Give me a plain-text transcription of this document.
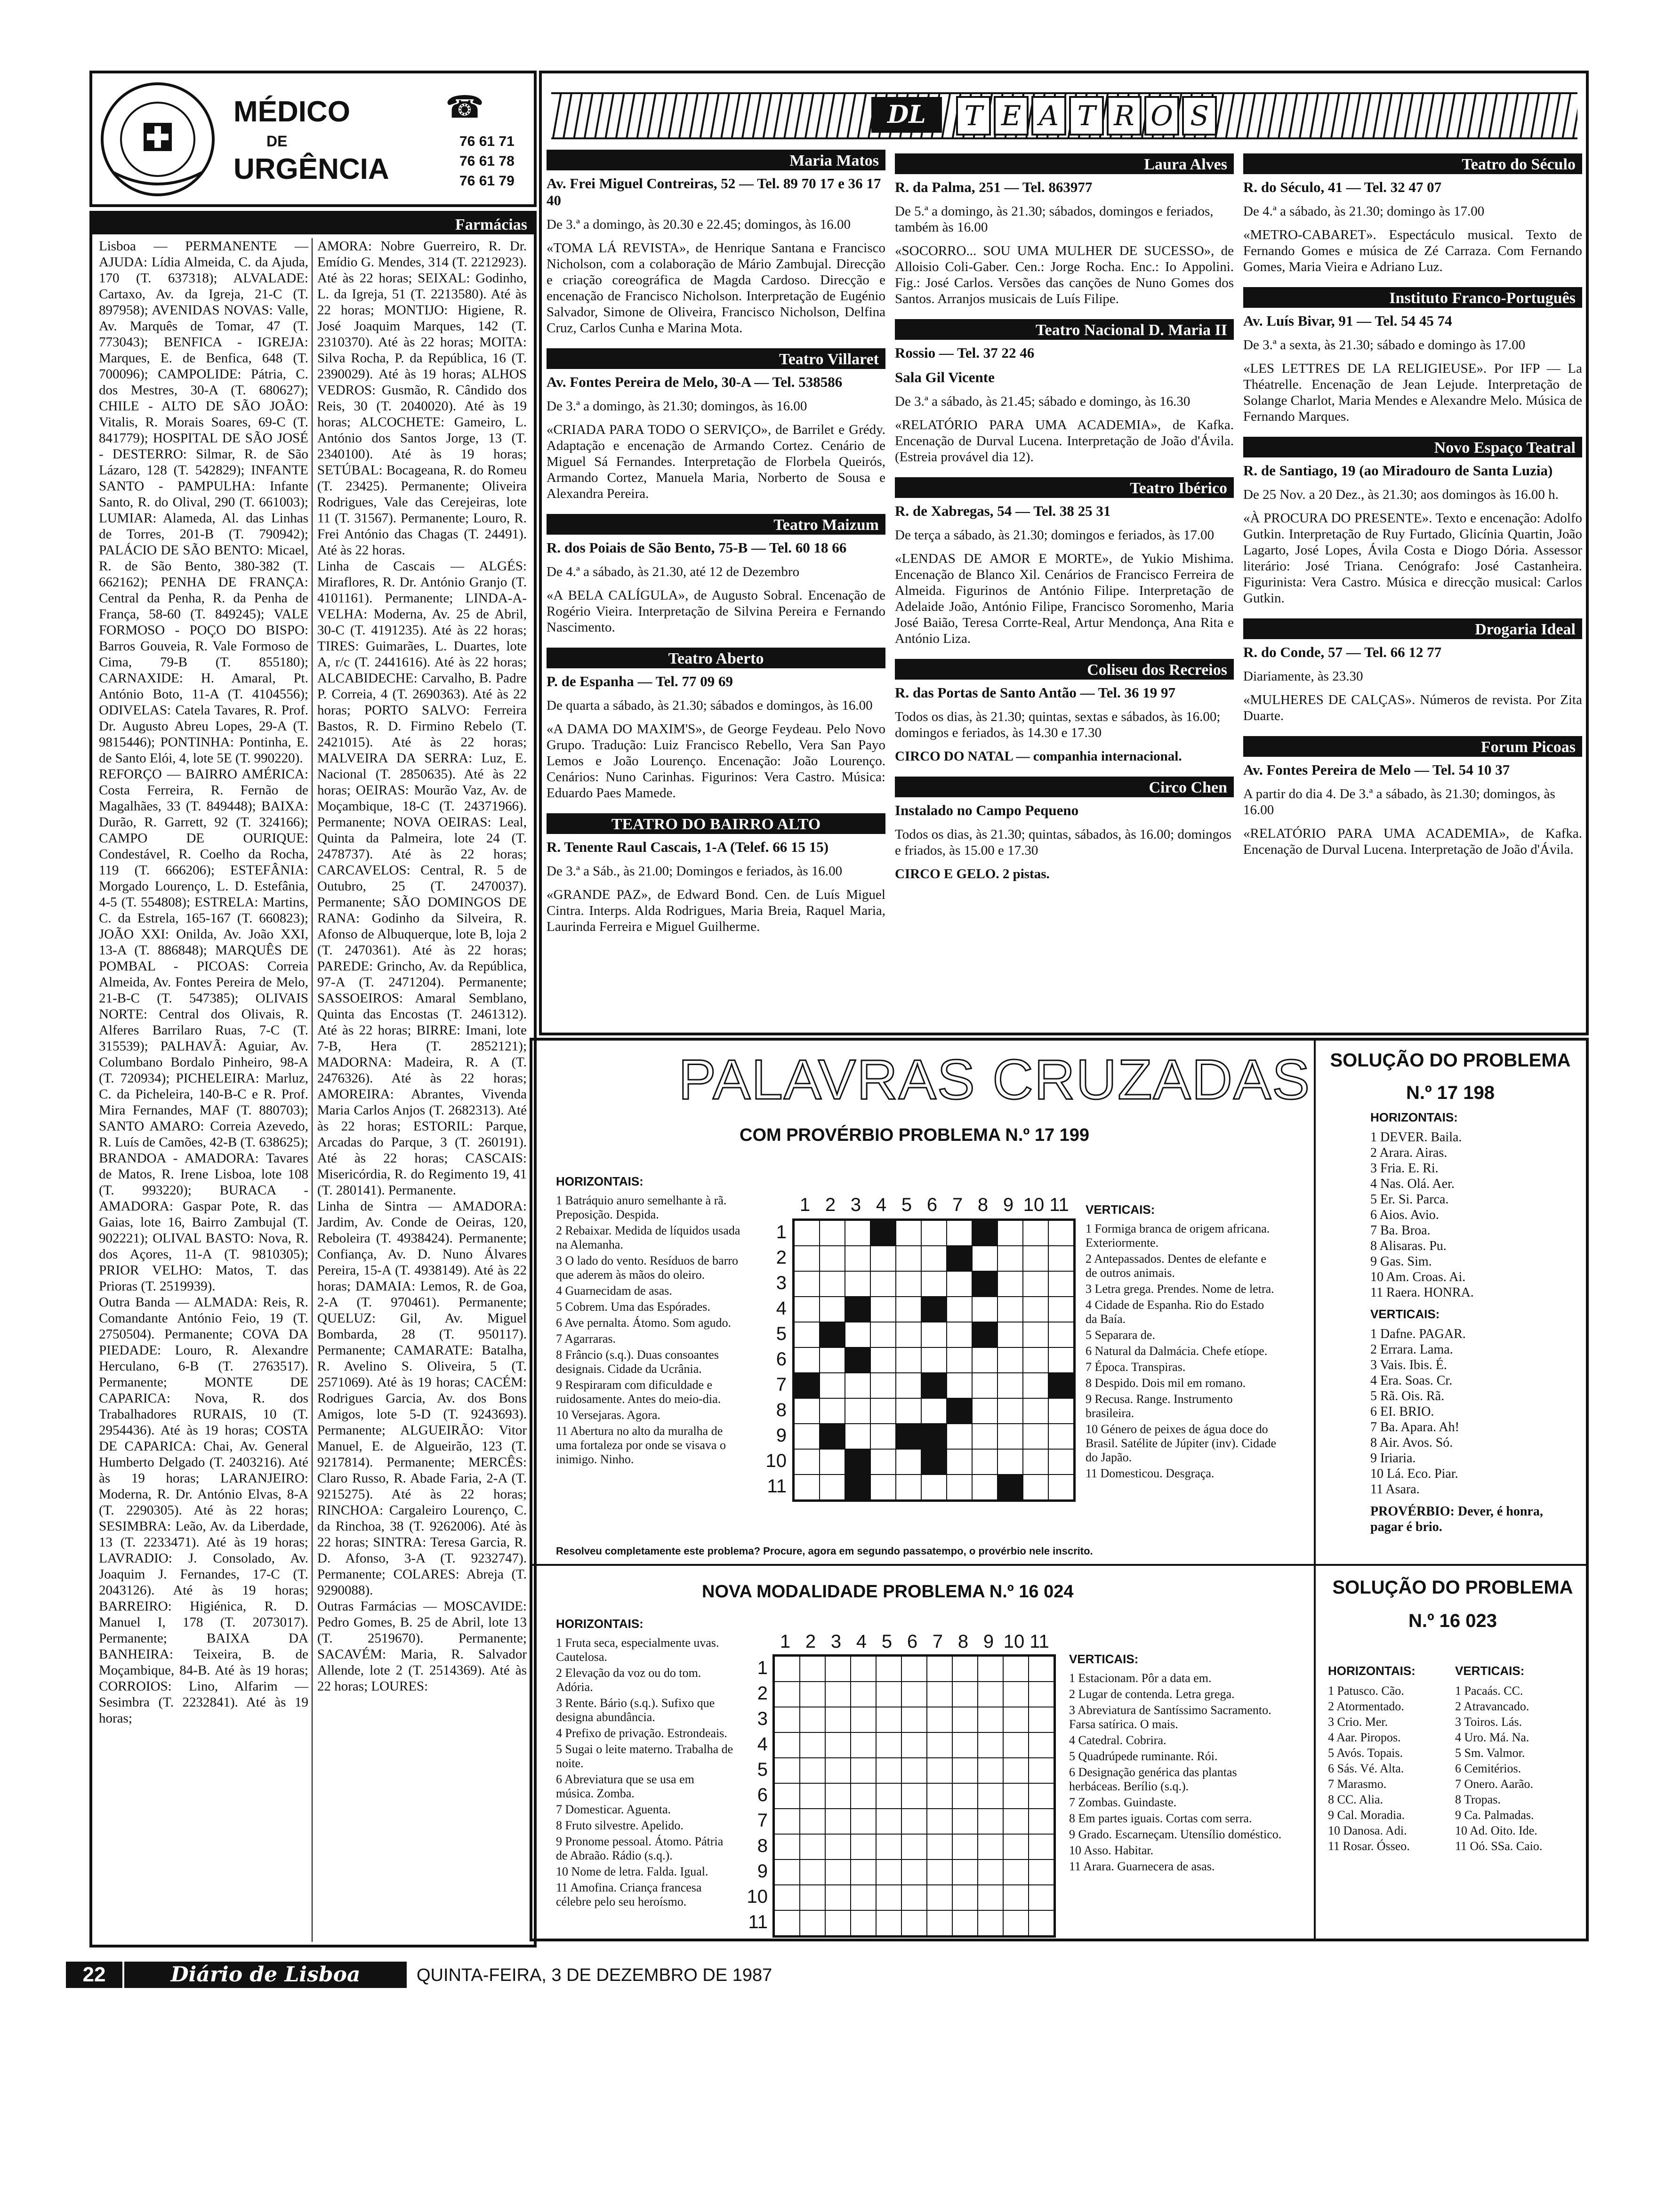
MÉDICO
DE
URGÊNCIA
☎
76 61 71
76 61 78
76 61 79
Farmácias

Lisboa — PERMANENTE — AJUDA: Lídia Almeida, C. da Ajuda, 170 (T. 637318); ALVALADE: Cartaxo, Av. da Igreja, 21-C (T. 897958); AVENIDAS NOVAS: Valle, Av. Marquês de Tomar, 47 (T. 773043); BENFICA - IGREJA: Marques, E. de Benfica, 648 (T. 700096); CAMPOLIDE: Pátria, C. dos Mestres, 30-A (T. 680627); CHILE - ALTO DE SÃO JOÃO: Vitalis, R. Morais Soares, 69-C (T. 841779); HOSPITAL DE SÃO JOSÉ - DESTERRO: Silmar, R. de São Lázaro, 128 (T. 542829); INFANTE SANTO - PAMPULHA: Infante Santo, R. do Olival, 290 (T. 661003); LUMIAR: Alameda, Al. das Linhas de Torres, 201-B (T. 790942); PALÁCIO DE SÃO BENTO: Micael, R. de São Bento, 380-382 (T. 662162); PENHA DE FRANÇA: Central da Penha, R. da Penha de França, 58-60 (T. 849245); VALE FORMOSO - POÇO DO BISPO: Barros Gouveia, R. Vale Formoso de Cima, 79-B (T. 855180); CARNAXIDE: H. Amaral, Pt. António Boto, 11-A (T. 4104556); ODIVELAS: Catela Tavares, R. Prof. Dr. Augusto Abreu Lopes, 29-A (T. 9815446); PONTINHA: Pontinha, E. de Santo Elói, 4, lote 5E (T. 990220).

REFORÇO — BAIRRO AMÉRICA: Costa Ferreira, R. Fernão de Magalhães, 33 (T. 849448); BAIXA: Durão, R. Garrett, 92 (T. 324166); CAMPO DE OURIQUE: Condestável, R. Coelho da Rocha, 119 (T. 666206); ESTEFÂNIA: Morgado Lourenço, L. D. Estefânia, 4-5 (T. 554808); ESTRELA: Martins, C. da Estrela, 165-167 (T. 660823); JOÃO XXI: Onilda, Av. João XXI, 13-A (T. 886848); MARQUÊS DE POMBAL - PICOAS: Correia Almeida, Av. Fontes Pereira de Melo, 21-B-C (T. 547385); OLIVAIS NORTE: Central dos Olivais, R. Alferes Barrilaro Ruas, 7-C (T. 315539); PALHAVÃ: Aguiar, Av. Columbano Bordalo Pinheiro, 98-A (T. 720934); PICHELEIRA: Marluz, C. da Picheleira, 140-B-C e R. Prof. Mira Fernandes, MAF (T. 880703); SANTO AMARO: Correia Azevedo, R. Luís de Camões, 42-B (T. 638625); BRANDOA - AMADORA: Tavares de Matos, R. Irene Lisboa, lote 108 (T. 993220); BURACA - AMADORA: Gaspar Pote, R. das Gaias, lote 16, Bairro Zambujal (T. 902221); OLIVAL BASTO: Nova, R. dos Açores, 11-A (T. 9810305); PRIOR VELHO: Matos, T. das Prioras (T. 2519939).

Outra Banda — ALMADA: Reis, R. Comandante António Feio, 19 (T. 2750504). Permanente; COVA DA PIEDADE: Louro, R. Alexandre Herculano, 6-B (T. 2763517). Permanente; MONTE DE CAPARICA: Nova, R. dos Trabalhadores RURAIS, 10 (T. 2954436). Até às 19 horas; COSTA DE CAPARICA: Chai, Av. General Humberto Delgado (T. 2403216). Até às 19 horas; LARANJEIRO: Moderna, R. Dr. António Elvas, 8-A (T. 2290305). Até às 22 horas; SESIMBRA: Leão, Av. da Liberdade, 13 (T. 2233471). Até às 19 horas; LAVRADIO: J. Consolado, Av. Joaquim J. Fernandes, 17-C (T. 2043126). Até às 19 horas; BARREIRO: Higiénica, R. D. Manuel I, 178 (T. 2073017). Permanente; BAIXA DA BANHEIRA: Teixeira, B. de Moçambique, 84-B. Até às 19 horas; CORROIOS: Lino, Alfarim — Sesimbra (T. 2232841). Até às 19 horas;

AMORA: Nobre Guerreiro, R. Dr. Emídio G. Mendes, 314 (T. 2212923). Até às 22 horas; SEIXAL: Godinho, L. da Igreja, 51 (T. 2213580). Até às 22 horas; MONTIJO: Higiene, R. José Joaquim Marques, 142 (T. 2310370). Até às 22 horas; MOITA: Silva Rocha, P. da República, 16 (T. 2390029). Até às 19 horas; ALHOS VEDROS: Gusmão, R. Cândido dos Reis, 30 (T. 2040020). Até às 19 horas; ALCOCHETE: Gameiro, L. António dos Santos Jorge, 13 (T. 2340100). Até às 19 horas; SETÚBAL: Bocageana, R. do Romeu (T. 23425). Permanente; Oliveira Rodrigues, Vale das Cerejeiras, lote 11 (T. 31567). Permanente; Louro, R. Frei António das Chagas (T. 24491). Até às 22 horas.

Linha de Cascais — ALGÉS: Miraflores, R. Dr. António Granjo (T. 4101161). Permanente; LINDA-A-VELHA: Moderna, Av. 25 de Abril, 30-C (T. 4191235). Até às 22 horas; TIRES: Guimarães, L. Duartes, lote A, r/c (T. 2441616). Até às 22 horas; ALCABIDECHE: Carvalho, B. Padre P. Correia, 4 (T. 2690363). Até às 22 horas; PORTO SALVO: Ferreira Bastos, R. D. Firmino Rebelo (T. 2421015). Até às 22 horas; MALVEIRA DA SERRA: Luz, E. Nacional (T. 2850635). Até às 22 horas; OEIRAS: Mourão Vaz, Av. de Moçambique, 18-C (T. 24371966). Permanente; NOVA OEIRAS: Leal, Quinta da Palmeira, lote 24 (T. 2478737). Até às 22 horas; CARCAVELOS: Central, R. 5 de Outubro, 25 (T. 2470037). Permanente; SÃO DOMINGOS DE RANA: Godinho da Silveira, R. Afonso de Albuquerque, lote B, loja 2 (T. 2470361). Até às 22 horas; PAREDE: Grincho, Av. da República, 97-A (T. 2471204). Permanente; SASSOEIROS: Amaral Semblano, Quinta das Encostas (T. 2461312). Até às 22 horas; BIRRE: Imani, lote 7-B, Hera (T. 2852121); MADORNA: Madeira, R. A (T. 2476326). Até às 22 horas; AMOREIRA: Abrantes, Vivenda Maria Carlos Anjos (T. 2682313). Até às 22 horas; ESTORIL: Parque, Arcadas do Parque, 3 (T. 260191). Até às 22 horas; CASCAIS: Misericórdia, R. do Regimento 19, 41 (T. 280141). Permanente.

Linha de Sintra — AMADORA: Jardim, Av. Conde de Oeiras, 120, Reboleira (T. 4938424). Permanente; Confiança, Av. D. Nuno Álvares Pereira, 15-A (T. 4938149). Até às 22 horas; DAMAIA: Lemos, R. de Goa, 2-A (T. 970461). Permanente; QUELUZ: Gil, Av. Miguel Bombarda, 28 (T. 950117). Permanente; CAMARATE: Batalha, R. Avelino S. Oliveira, 5 (T. 2571069). Até às 19 horas; CACÉM: Rodrigues Garcia, Av. dos Bons Amigos, lote 5-D (T. 9243693). Permanente; ALGUEIRÃO: Vitor Manuel, E. de Algueirão, 123 (T. 9217814). Permanente; MERCÊS: Claro Russo, R. Abade Faria, 2-A (T. 9215275). Até às 22 horas; RINCHOA: Cargaleiro Lourenço, C. da Rinchoa, 38 (T. 9262006). Até às 22 horas; SINTRA: Teresa Garcia, R. D. Afonso, 3-A (T. 9232747). Permanente; COLARES: Abreja (T. 9290088).

Outras Farmácias — MOSCAVIDE: Pedro Gomes, B. 25 de Abril, lote 13 (T. 2519670). Permanente; SACAVÉM: Maria, R. Salvador Allende, lote 2 (T. 2514369). Até às 22 horas; LOURES:

DL	T E A T R O S
Maria Matos

Av. Frei Miguel Contreiras, 52 — Tel. 89 70 17 e 36 17 40

De 3.ª a domingo, às 20.30 e 22.45; domingos, às 16.00

«TOMA LÁ REVISTA», de Henrique Santana e Francisco Nicholson, com a colaboração de Mário Zambujal. Direcção e criação coreográfica de Magda Cardoso. Direcção e encenação de Francisco Nicholson. Interpretação de Eugénio Salvador, Simone de Oliveira, Francisco Nicholson, Delfina Cruz, Carlos Cunha e Marina Mota.

Teatro Villaret

Av. Fontes Pereira de Melo, 30-A — Tel. 538586

De 3.ª a domingo, às 21.30; domingos, às 16.00

«CRIADA PARA TODO O SERVIÇO», de Barrilet e Grédy. Adaptação e encenação de Armando Cortez. Cenário de Miguel Sá Fernandes. Interpretação de Florbela Queirós, Armando Cortez, Manuela Maria, Norberto de Sousa e Alexandra Pereira.

Teatro Maizum

R. dos Poiais de São Bento, 75-B — Tel. 60 18 66

De 4.ª a sábado, às 21.30, até 12 de Dezembro

«A BELA CALÍGULA», de Augusto Sobral. Encenação de Rogério Vieira. Interpretação de Silvina Pereira e Fernando Nascimento.

Teatro Aberto

P. de Espanha — Tel. 77 09 69

De quarta a sábado, às 21.30; sábados e domingos, às 16.00

«A DAMA DO MAXIM'S», de George Feydeau. Pelo Novo Grupo. Tradução: Luiz Francisco Rebello, Vera San Payo Lemos e João Lourenço. Encenação: João Lourenço. Cenários: Nuno Carinhas. Figurinos: Vera Castro. Música: Eduardo Paes Mamede.

TEATRO DO BAIRRO ALTO

R. Tenente Raul Cascais, 1-A (Telef. 66 15 15)

De 3.ª a Sáb., às 21.00; Domingos e feriados, às 16.00

«GRANDE PAZ», de Edward Bond. Cen. de Luís Miguel Cintra. Interps. Alda Rodrigues, Maria Breia, Raquel Maria, Laurinda Ferreira e Miguel Guilherme.

Laura Alves

R. da Palma, 251 — Tel. 863977

De 5.ª a domingo, às 21.30; sábados, domingos e feriados, também às 16.00

«SOCORRO... SOU UMA MULHER DE SUCESSO», de Alloisio Coli-Gaber. Cen.: Jorge Rocha. Enc.: Io Appolini. Fig.: José Carlos. Versões das canções de Nuno Gomes dos Santos. Arranjos musicais de Luís Filipe.

Teatro Nacional D. Maria II

Rossio — Tel. 37 22 46

Sala Gil Vicente

De 3.ª a sábado, às 21.45; sábado e domingo, às 16.30

«RELATÓRIO PARA UMA ACADEMIA», de Kafka. Encenação de Durval Lucena. Interpretação de João d'Ávila. (Estreia provável dia 12).

Teatro Ibérico

R. de Xabregas, 54 — Tel. 38 25 31

De terça a sábado, às 21.30; domingos e feriados, às 17.00

«LENDAS DE AMOR E MORTE», de Yukio Mishima. Encenação de Blanco Xil. Cenários de Francisco Ferreira de Almeida. Figurinos de António Filipe. Interpretação de Adelaide João, António Filipe, Francisco Soromenho, Maria José Baião, Teresa Corrte-Real, Artur Mendonça, Ana Rita e António Liza.

Coliseu dos Recreios

R. das Portas de Santo Antão — Tel. 36 19 97

Todos os dias, às 21.30; quintas, sextas e sábados, às 16.00; domingos e feriados, às 14.30 e 17.30

CIRCO DO NATAL — companhia internacional.

Circo Chen

Instalado no Campo Pequeno

Todos os dias, às 21.30; quintas, sábados, às 16.00; domingos e friados, às 15.00 e 17.30

CIRCO E GELO. 2 pistas.

Teatro do Século

R. do Século, 41 — Tel. 32 47 07

De 4.ª a sábado, às 21.30; domingo às 17.00

«METRO-CABARET». Espectáculo musical. Texto de Fernando Gomes e música de Zé Carraza. Com Fernando Gomes, Maria Vieira e Adriano Luz.

Instituto Franco-Português

Av. Luís Bivar, 91 — Tel. 54 45 74

De 3.ª a sexta, às 21.30; sábado e domingo às 17.00

«LES LETTRES DE LA RELIGIEUSE». Por IFP — La Théatrelle. Encenação de Jean Lejude. Interpretação de Solange Charlot, Maria Mendes e Alexandre Melo. Música de Fernando Marques.

Novo Espaço Teatral

R. de Santiago, 19 (ao Miradouro de Santa Luzia)

De 25 Nov. a 20 Dez., às 21.30; aos domingos às 16.00 h.

«À PROCURA DO PRESENTE». Texto e encenação: Adolfo Gutkin. Interpretação de Ruy Furtado, Glicínia Quartin, João Lagarto, José Lopes, Ávila Costa e Diogo Dória. Assessor literário: José Triana. Cenógrafo: José Castanheira. Figurinista: Vera Castro. Música e direcção musical: Carlos Gutkin.

Drogaria Ideal

R. do Conde, 57 — Tel. 66 12 77

Diariamente, às 23.30

«MULHERES DE CALÇAS». Números de revista. Por Zita Duarte.

Forum Picoas

Av. Fontes Pereira de Melo — Tel. 54 10 37

A partir do dia 4. De 3.ª a sábado, às 21.30; domingos, às 16.00

«RELATÓRIO PARA UMA ACADEMIA», de Kafka. Encenação de Durval Lucena. Interpretação de João d'Ávila.

PALAVRAS CRUZADAS
COM PROVÉRBIO PROBLEMA N.º 17 199
HORIZONTAIS:

1 Batráquio anuro semelhante à rã. Preposição. Despida.

2 Rebaixar. Medida de líquidos usada na Alemanha.

3 O lado do vento. Resíduos de barro que aderem às mãos do oleiro.

4 Guarnecidam de asas.

5 Cobrem. Uma das Espórades.

6 Ave pernalta. Átomo. Som agudo.

7 Agarraras.

8 Frâncio (s.q.). Duas consoantes designais. Cidade da Ucrânia.

9 Respiraram com dificuldade e ruidosamente. Antes do meio-dia.

10 Versejaras. Agora.

11 Abertura no alto da muralha de uma fortaleza por onde se visava o inimigo. Ninho.

1 2 3 4 5 6 7 8 9 10 11
1
2
3
4
5
6
7
8
9
10
11
VERTICAIS:

1 Formiga branca de origem africana. Exteriormente.

2 Antepassados. Dentes de elefante e de outros animais.

3 Letra grega. Prendes. Nome de letra.

4 Cidade de Espanha. Rio do Estado da Baía.

5 Separara de.

6 Natural da Dalmácia. Chefe etíope.

7 Época. Transpiras.

8 Despido. Dois mil em romano.

9 Recusa. Range. Instrumento brasileira.

10 Género de peixes de água doce do Brasil. Satélite de Júpiter (inv). Cidade do Japão.

11 Domesticou. Desgraça.

Resolveu completamente este problema? Procure, agora em segundo passatempo, o provérbio nele inscrito.
SOLUÇÃO DO PROBLEMA
N.º 17 198
HORIZONTAIS:

1 DEVER. Baila.

2 Arara. Airas.

3 Fria. E. Ri.

4 Nas. Olá. Aer.

5 Er. Si. Parca.

6 Aios. Avio.

7 Ba. Broa.

8 Alisaras. Pu.

9 Gas. Sim.

10 Am. Croas. Ai.

11 Raera. HONRA.

VERTICAIS:

1 Dafne. PAGAR.

2 Errara. Lama.

3 Vais. Ibis. É.

4 Era. Soas. Cr.

5 Rã. Ois. Rã.

6 EI. BRIO.

7 Ba. Apara. Ah!

8 Air. Avos. Só.

9 Iriaria.

10 Lá. Eco. Piar.

11 Asara.

PROVÉRBIO: Dever, é honra, pagar é brio.

NOVA MODALIDADE PROBLEMA N.º 16 024
HORIZONTAIS:

1 Fruta seca, especialmente uvas. Cautelosa.

2 Elevação da voz ou do tom. Adória.

3 Rente. Bário (s.q.). Sufixo que designa abundância.

4 Prefixo de privação. Estrondeais.

5 Sugai o leite materno. Trabalha de noite.

6 Abreviatura que se usa em música. Zomba.

7 Domesticar. Aguenta.

8 Fruto silvestre. Apelido.

9 Pronome pessoal. Átomo. Pátria de Abraão. Rádio (s.q.).

10 Nome de letra. Falda. Igual.

11 Amofina. Criança francesa célebre pelo seu heroísmo.

1 2 3 4 5 6 7 8 9 10 11
1
2
3
4
5
6
7
8
9
10
11
VERTICAIS:

1 Estacionam. Pôr a data em.

2 Lugar de contenda. Letra grega.

3 Abreviatura de Santíssimo Sacramento. Farsa satírica. O mais.

4 Catedral. Cobrira.

5 Quadrúpede ruminante. Rói.

6 Designação genérica das plantas herbáceas. Berílio (s.q.).

7 Zombas. Guindaste.

8 Em partes iguais. Cortas com serra.

9 Grado. Escarneçam. Utensílio doméstico.

10 Asso. Habitar.

11 Arara. Guarnecera de asas.

SOLUÇÃO DO PROBLEMA
N.º 16 023
HORIZONTAIS:

1 Patusco. Cão.

2 Atormentado.

3 Crio. Mer.

4 Aar. Piropos.

5 Avós. Topais.

6 Sás. Vé. Alta.

7 Marasmo.

8 CC. Alia.

9 Cal. Moradia.

10 Danosa. Adi.

11 Rosar. Ósseo.

VERTICAIS:

1 Pacaás. CC.

2 Atravancado.

3 Toiros. Lás.

4 Uro. Má. Na.

5 Sm. Valmor.

6 Cemitérios.

7 Onero. Aarão.

8 Tropas.

9 Ca. Palmadas.

10 Ad. Oito. Ide.

11 Oó. SSa. Caio.

22	Diário de Lisboa	QUINTA-FEIRA, 3 DE DEZEMBRO DE 1987
